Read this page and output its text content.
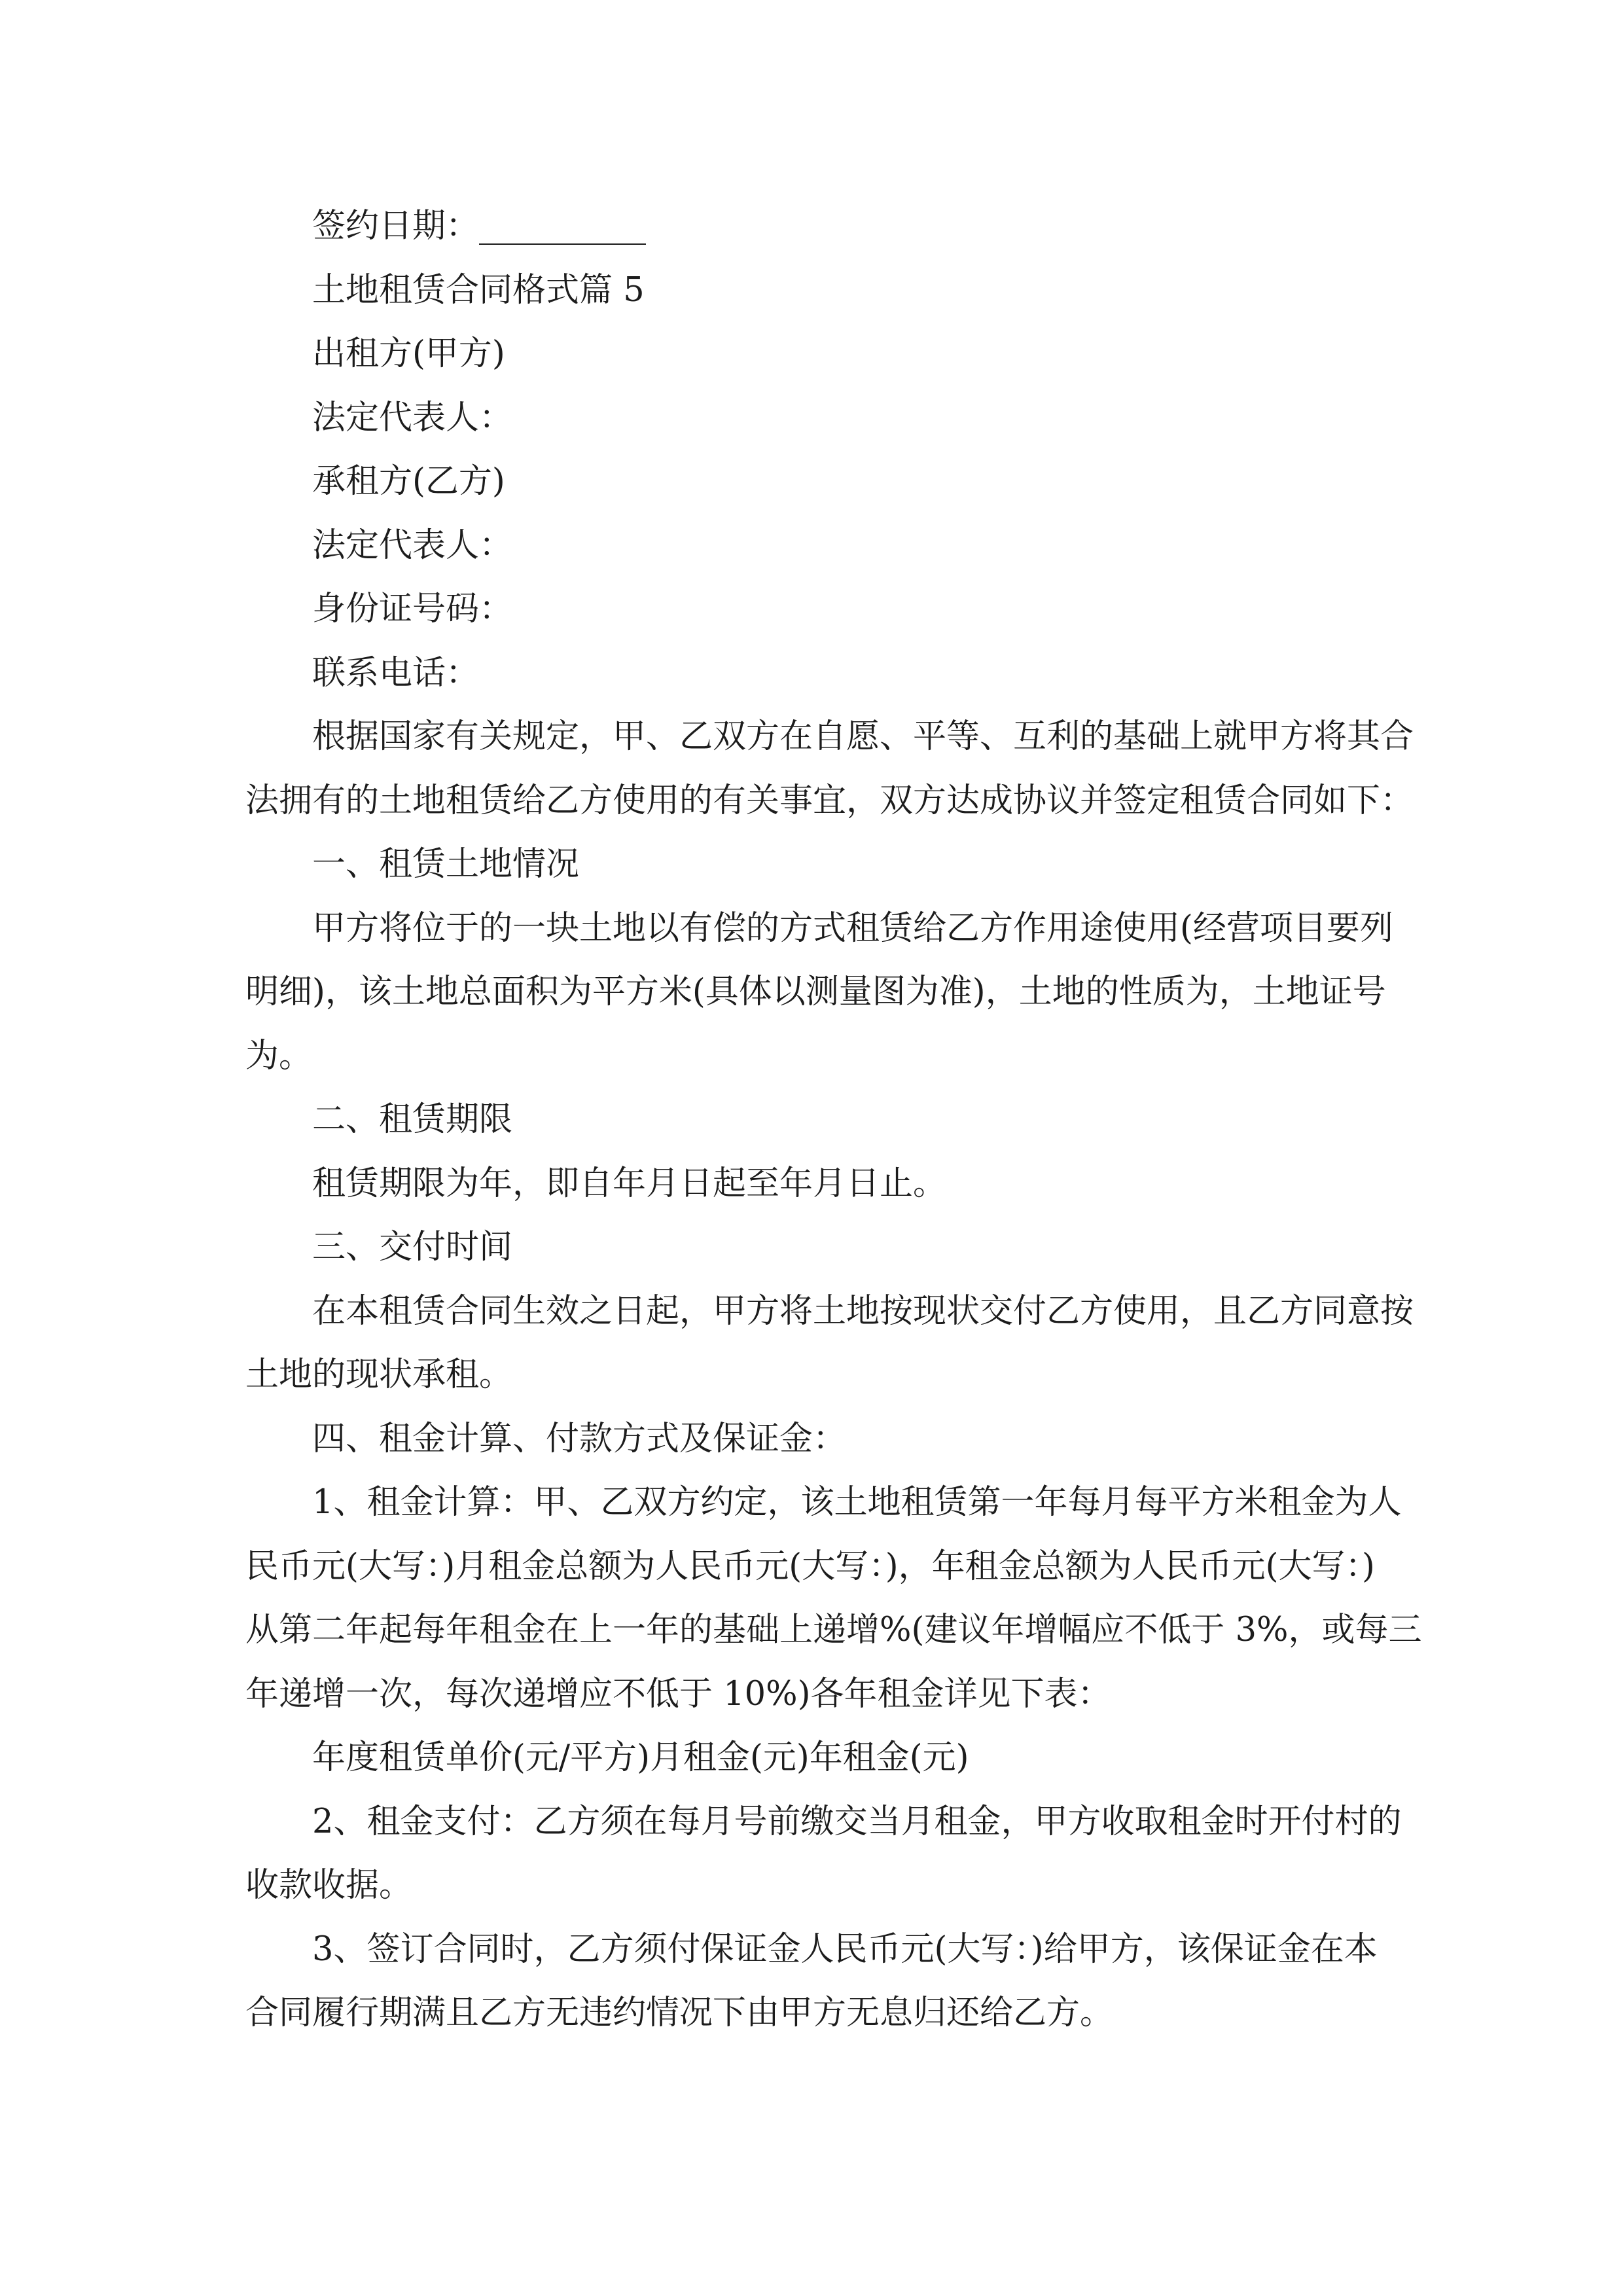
签约日期：__________
土地租赁合同格式篇 5
出租方(甲方)
法定代表人：
承租方(乙方)
法定代表人：
身份证号码：
联系电话：
根据国家有关规定，甲、乙双方在自愿、平等、互利的基础上就甲方将其合
法拥有的土地租赁给乙方使用的有关事宜，双方达成协议并签定租赁合同如下：
一、租赁土地情况
甲方将位于的一块土地以有偿的方式租赁给乙方作用途使用(经营项目要列
明细)，该土地总面积为平方米(具体以测量图为准)，土地的性质为，土地证号
为。
二、租赁期限
租赁期限为年，即自年月日起至年月日止。
三、交付时间
在本租赁合同生效之日起，甲方将土地按现状交付乙方使用，且乙方同意按
土地的现状承租。
四、租金计算、付款方式及保证金：
1、租金计算：甲、乙双方约定，该土地租赁第一年每月每平方米租金为人
民币元(大写：)月租金总额为人民币元(大写：)，年租金总额为人民币元(大写：)
从第二年起每年租金在上一年的基础上递增%(建议年增幅应不低于 3%，或每三
年递增一次，每次递增应不低于 10%)各年租金详见下表：
年度租赁单价(元/平方)月租金(元)年租金(元)
2、租金支付：乙方须在每月号前缴交当月租金，甲方收取租金时开付村的
收款收据。
3、签订合同时，乙方须付保证金人民币元(大写：)给甲方，该保证金在本
合同履行期满且乙方无违约情况下由甲方无息归还给乙方。
